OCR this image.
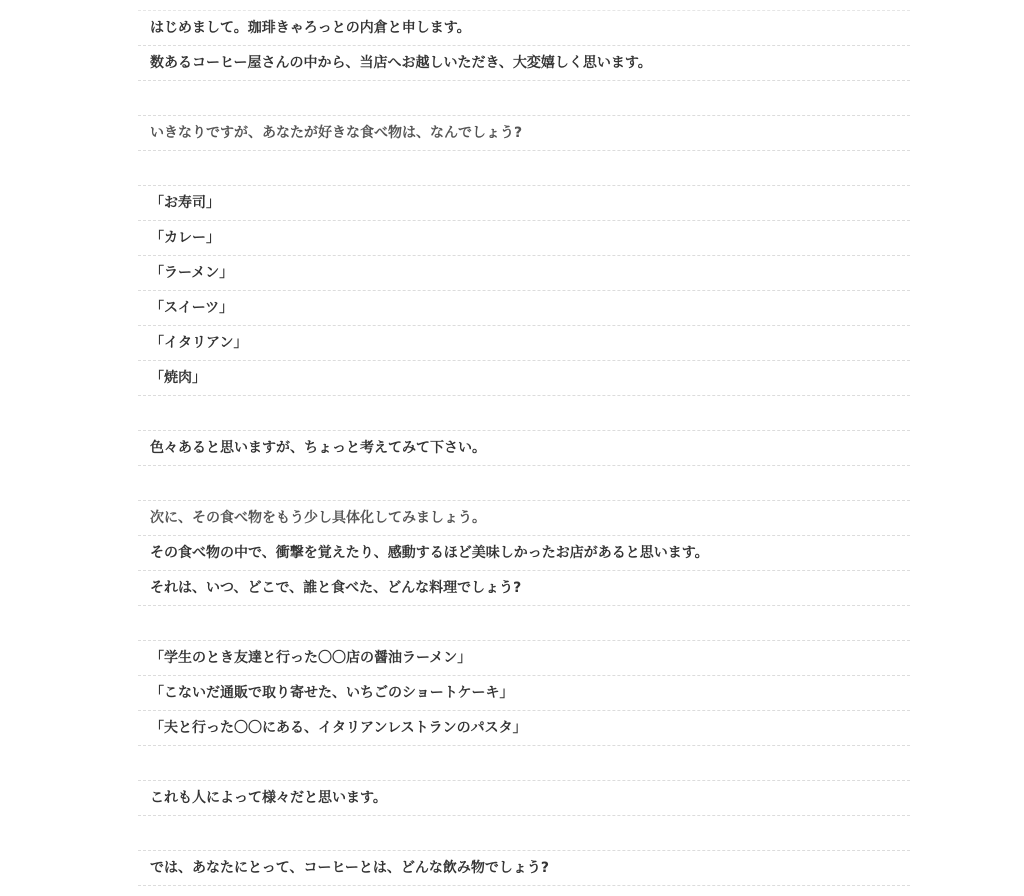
はじめまして。珈琲きゃろっとの内倉と申します。
数あるコーヒー屋さんの中から、当店へお越しいただき、大変嬉しく思います。
いきなりですが、あなたが好きな食べ物は、なんでしょう?
「お寿司」
「カレー」
「ラーメン」
「スイーツ」
「イタリアン」
「焼肉」
色々あると思いますが、ちょっと考えてみて下さい。
次に、その食べ物をもう少し具体化してみましょう。
その食べ物の中で、衝撃を覚えたり、感動するほど美味しかったお店があると思います。
それは、いつ、どこで、誰と食べた、どんな料理でしょう?
「学生のとき友達と行った〇〇店の醤油ラーメン」
「こないだ通販で取り寄せた、いちごのショートケーキ」
「夫と行った〇〇にある、イタリアンレストランのパスタ」
これも人によって様々だと思います。
では、あなたにとって、コーヒーとは、どんな飲み物でしょう?
